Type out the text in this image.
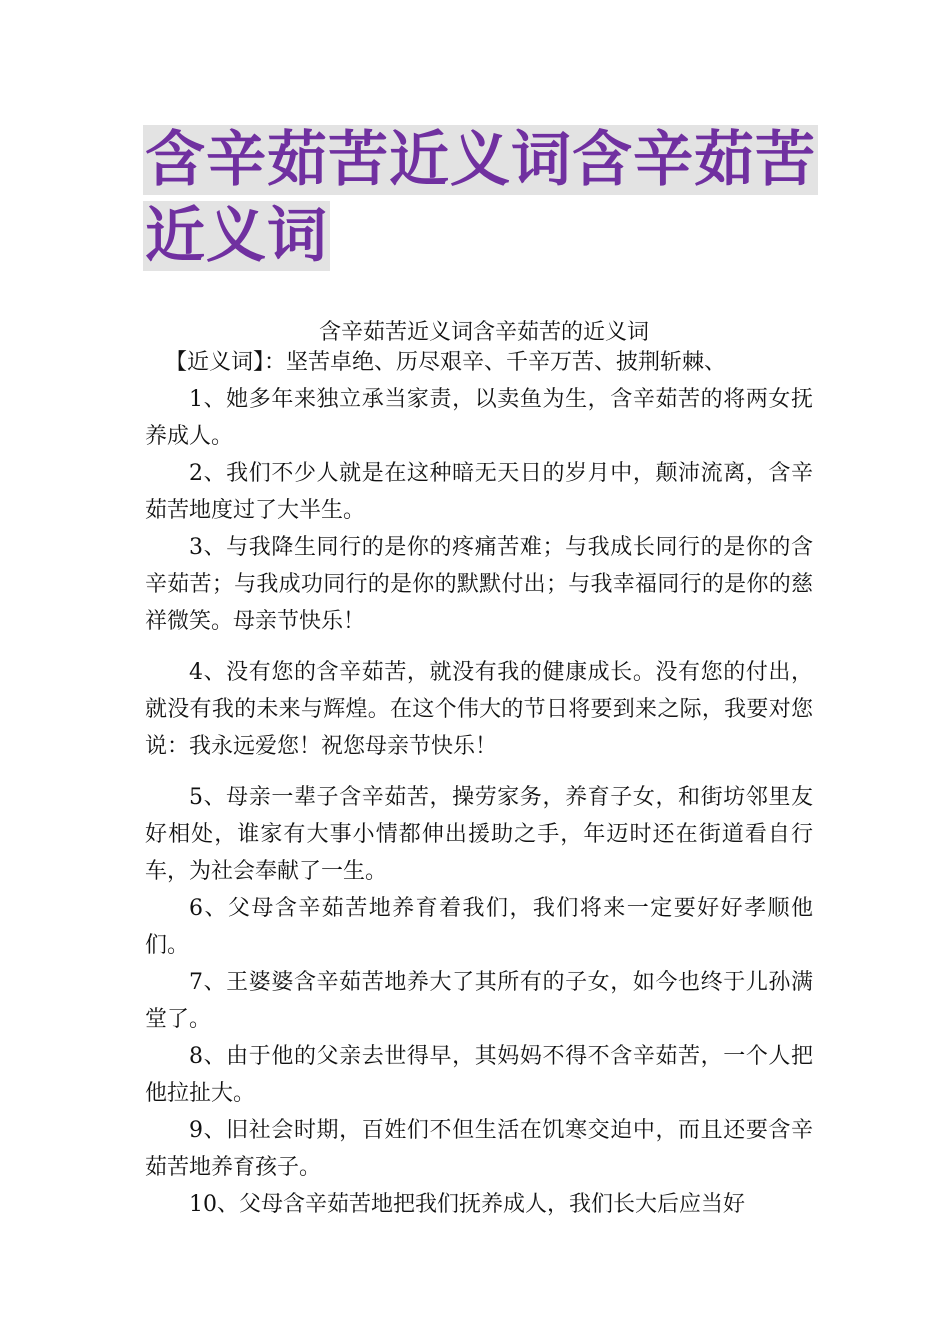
含辛茹苦近义词含辛茹苦近义词

含辛茹苦近义词含辛茹苦的近义词

【近义词】：坚苦卓绝、历尽艰辛、千辛万苦、披荆斩棘、

1、她多年来独立承当家责，以卖鱼为生，含辛茹苦的将两女抚养成人。

2、我们不少人就是在这种暗无天日的岁月中，颠沛流离，含辛茹苦地度过了大半生。

3、与我降生同行的是你的疼痛苦难；与我成长同行的是你的含辛茹苦；与我成功同行的是你的默默付出；与我幸福同行的是你的慈祥微笑。母亲节快乐！

4、没有您的含辛茹苦，就没有我的健康成长。没有您的付出，就没有我的未来与辉煌。在这个伟大的节日将要到来之际，我要对您说：我永远爱您！祝您母亲节快乐！

5、母亲一辈子含辛茹苦，操劳家务，养育子女，和街坊邻里友好相处，谁家有大事小情都伸出援助之手，年迈时还在街道看自行车，为社会奉献了一生。

6、父母含辛茹苦地养育着我们，我们将来一定要好好孝顺他们。

7、王婆婆含辛茹苦地养大了其所有的子女，如今也终于儿孙满堂了。

8、由于他的父亲去世得早，其妈妈不得不含辛茹苦，一个人把他拉扯大。

9、旧社会时期，百姓们不但生活在饥寒交迫中，而且还要含辛茹苦地养育孩子。

10、父母含辛茹苦地把我们抚养成人，我们长大后应当好
